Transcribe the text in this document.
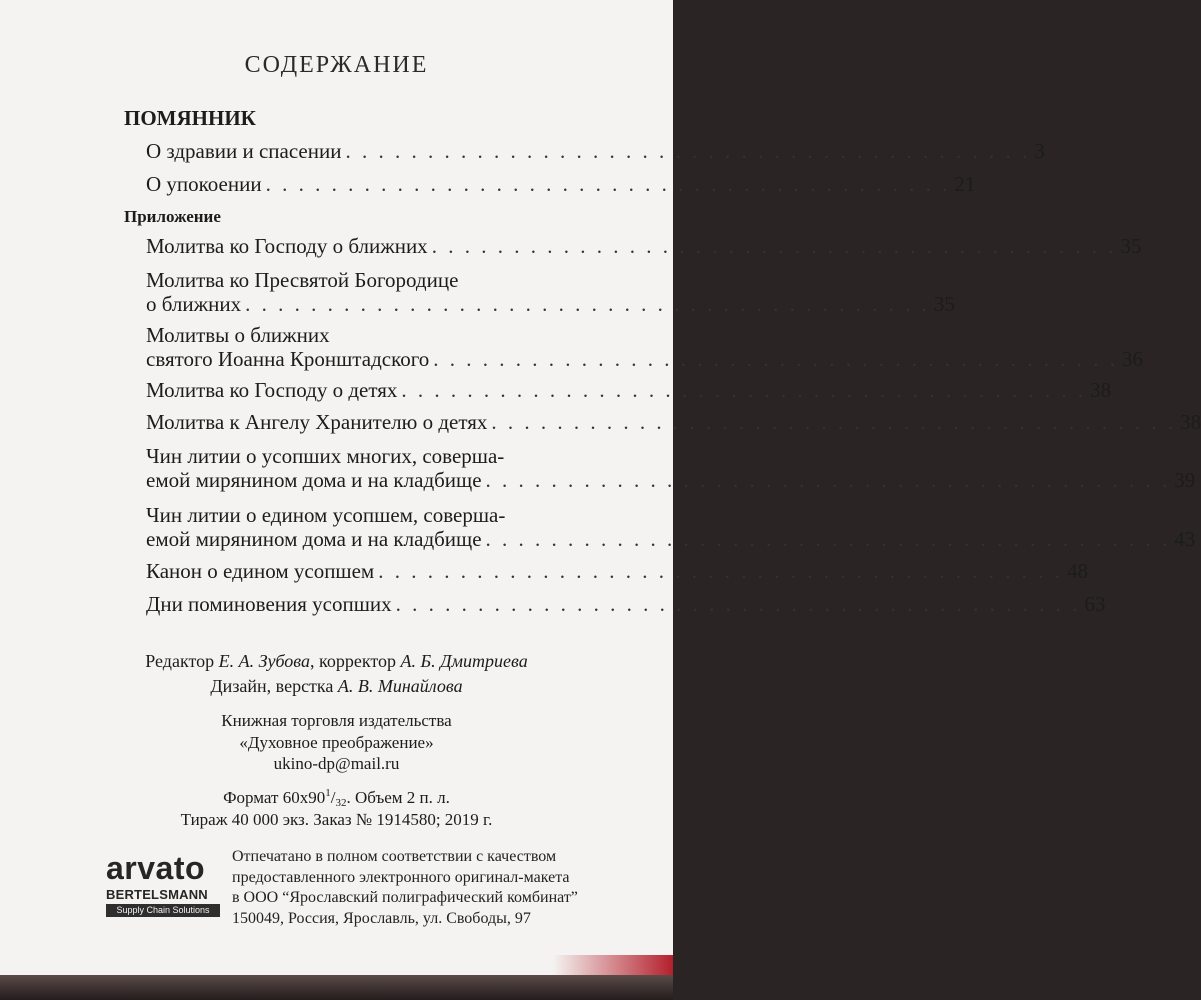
СОДЕРЖАНИЕ
ПОМЯННИК
О здравии и спасении . . . . . . . . . . . . . . . . . . . . . . . . . . . . . . . . . . . . . . . . . . 3
О упокоении . . . . . . . . . . . . . . . . . . . . . . . . . . . . . . . . . . . . . . . . . . 21
Приложение
Молитва ко Господу о ближних . . . . . . . . . . . . . . . . . . . . . . . . . . . . . . . . . . . . . . . . . . 35
Молитва ко Пресвятой Богородице
о ближних . . . . . . . . . . . . . . . . . . . . . . . . . . . . . . . . . . . . . . . . . . 35
Молитвы о ближних
святого Иоанна Кронштадского . . . . . . . . . . . . . . . . . . . . . . . . . . . . . . . . . . . . . . . . . . 36
Молитва ко Господу о детях . . . . . . . . . . . . . . . . . . . . . . . . . . . . . . . . . . . . . . . . . . 38
Молитва к Ангелу Хранителю о детях . . . . . . . . . . . . . . . . . . . . . . . . . . . . . . . . . . . . . . . . . . 38
Чин литии о усопших многих, соверша-
емой мирянином дома и на кладбище . . . . . . . . . . . . . . . . . . . . . . . . . . . . . . . . . . . . . . . . . . 39
Чин литии о едином усопшем, соверша-
емой мирянином дома и на кладбище . . . . . . . . . . . . . . . . . . . . . . . . . . . . . . . . . . . . . . . . . . 43
Канон о едином усопшем . . . . . . . . . . . . . . . . . . . . . . . . . . . . . . . . . . . . . . . . . . 48
Дни поминовения усопших . . . . . . . . . . . . . . . . . . . . . . . . . . . . . . . . . . . . . . . . . . 63
Редактор Е. А. Зубова, корректор А. Б. Дмитриева
Дизайн, верстка А. В. Минайлова
Книжная торговля издательства
«Духовное преображение»
ukino-dp@mail.ru
Формат $60х90^1/_{32}$. Объем 2 п. л.
Тираж 40 000 экз. Заказ № 1914580; 2019 г.
arvato
BERTELSMANN
Supply Chain Solutions
Отпечатано в полном соответствии с качеством
предоставленного электронного оригинал-макета
в ООО “Ярославский полиграфический комбинат”
150049, Россия, Ярославль, ул. Свободы, 97
